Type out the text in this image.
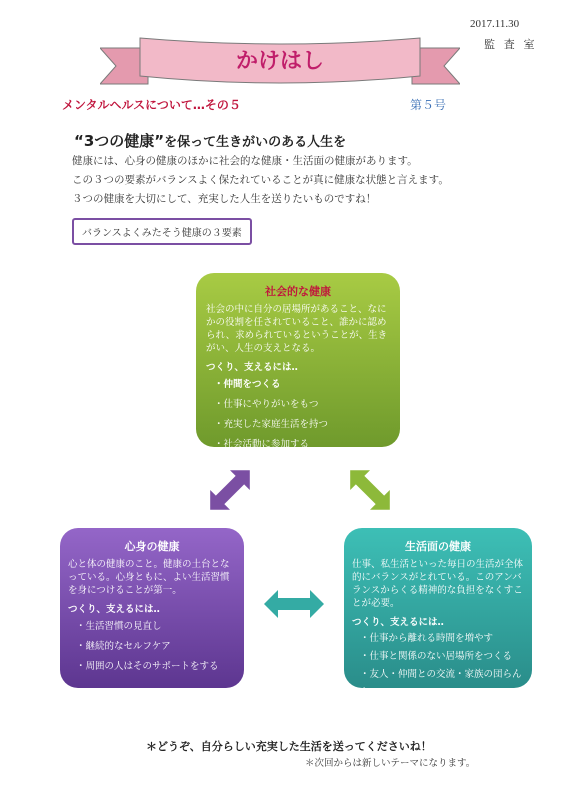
2017.11.30
監 査 室
かけはし
メンタルヘルスについて…その５	第５号
“3つの健康”を保って生きがいのある人生を

健康には、心身の健康のほかに社会的な健康・生活面の健康があります。

この３つの要素がバランスよく保たれていることが真に健康な状態と言えます。

３つの健康を大切にして、充実した人生を送りたいものですね！

バランスよくみたそう健康の３要素
社会的な健康
社会の中に自分の居場所があること、なにかの役割を任されていること、誰かに認められ、求められているということが、生きがい、人生の支えとなる。
つくり、支えるには‥
・仲間をつくる
・仕事にやりがいをもつ
・充実した家庭生活を持つ
・社会活動に参加する
心身の健康
心と体の健康のこと。健康の土台となっている。心身ともに、よい生活習慣を身につけることが第一。
つくり、支えるには‥
・生活習慣の見直し
・継続的なセルフケア
・周囲の人はそのサポートをする
生活面の健康
仕事、私生活といった毎日の生活が全体的にバランスがとれている。このアンバランスからくる精神的な負担をなくすことが必要。
つくり、支えるには‥
・仕事から離れる時間を増やす
・仕事と関係のない居場所をつくる
・友人・仲間との交流・家族の団らんを
　増やす
＊どうぞ、自分らしい充実した生活を送ってくださいね！
＊次回からは新しいテーマになります。
